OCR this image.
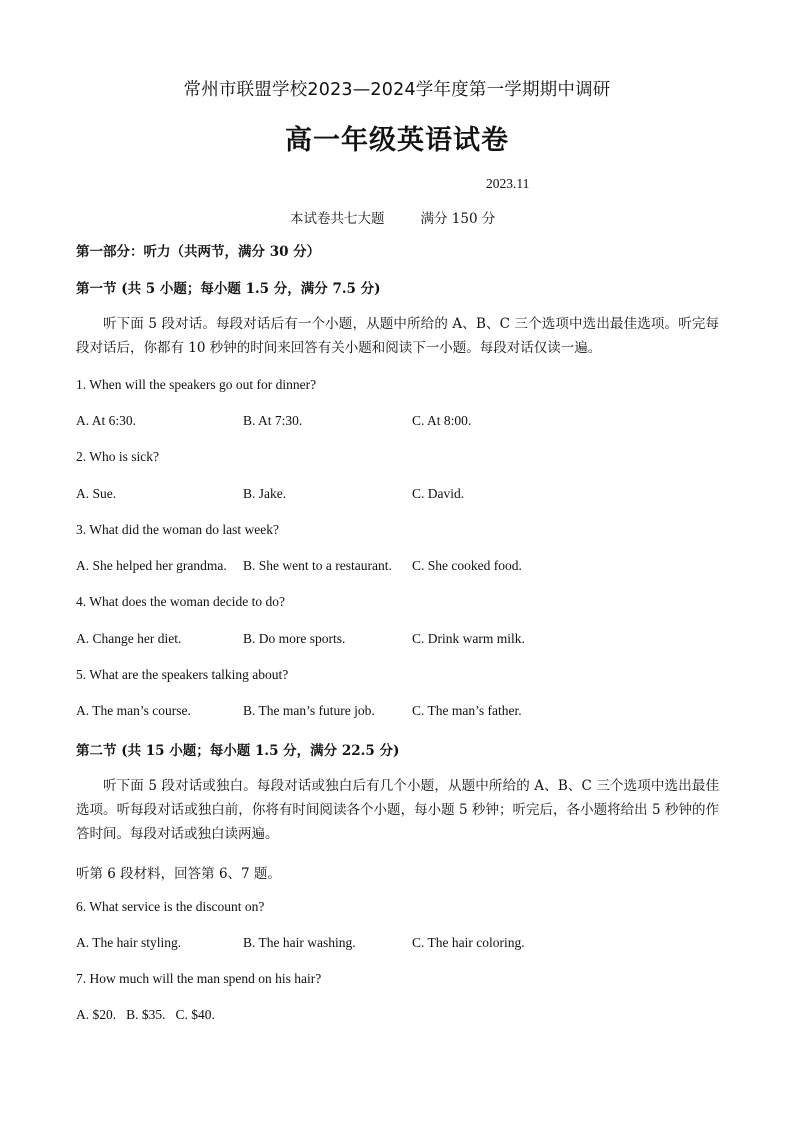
常州市联盟学校2023—2024学年度第一学期期中调研
高一年级英语试卷
2023.11
本试卷共七大题	满分 150 分
第一部分：听力（共两节，满分 30 分）
第一节 (共 5 小题；每小题 1.5 分，满分 7.5 分)
听下面 5 段对话。每段对话后有一个小题，从题中所给的 A、B、C 三个选项中选出最佳选项。听完每段对话后，你都有 10 秒钟的时间来回答有关小题和阅读下一小题。每段对话仅读一遍。
1. When will the speakers go out for dinner?
A. At 6:30.	B. At 7:30.	C. At 8:00.
2. Who is sick?
A. Sue.	B. Jake.	C. David.
3. What did the woman do last week?
A. She helped her grandma. B. She went to a restaurant. C. She cooked food.
4. What does the woman decide to do?
A. Change her diet.	B. Do more sports.	C. Drink warm milk.
5. What are the speakers talking about?
A. The man’s course.	B. The man’s future job.	C. The man’s father.
第二节 (共 15 小题；每小题 1.5 分，满分 22.5 分)
听下面 5 段对话或独白。每段对话或独白后有几个小题，从题中所给的 A、B、C 三个选项中选出最佳选项。听每段对话或独白前，你将有时间阅读各个小题，每小题 5 秒钟；听完后，各小题将给出 5 秒钟的作答时间。每段对话或独白读两遍。
听第 6 段材料，回答第 6、7 题。
6. What service is the discount on?
A. The hair styling.	B. The hair washing.	C. The hair coloring.
7. How much will the man spend on his hair?
A. $20. B. $35. C. $40.
